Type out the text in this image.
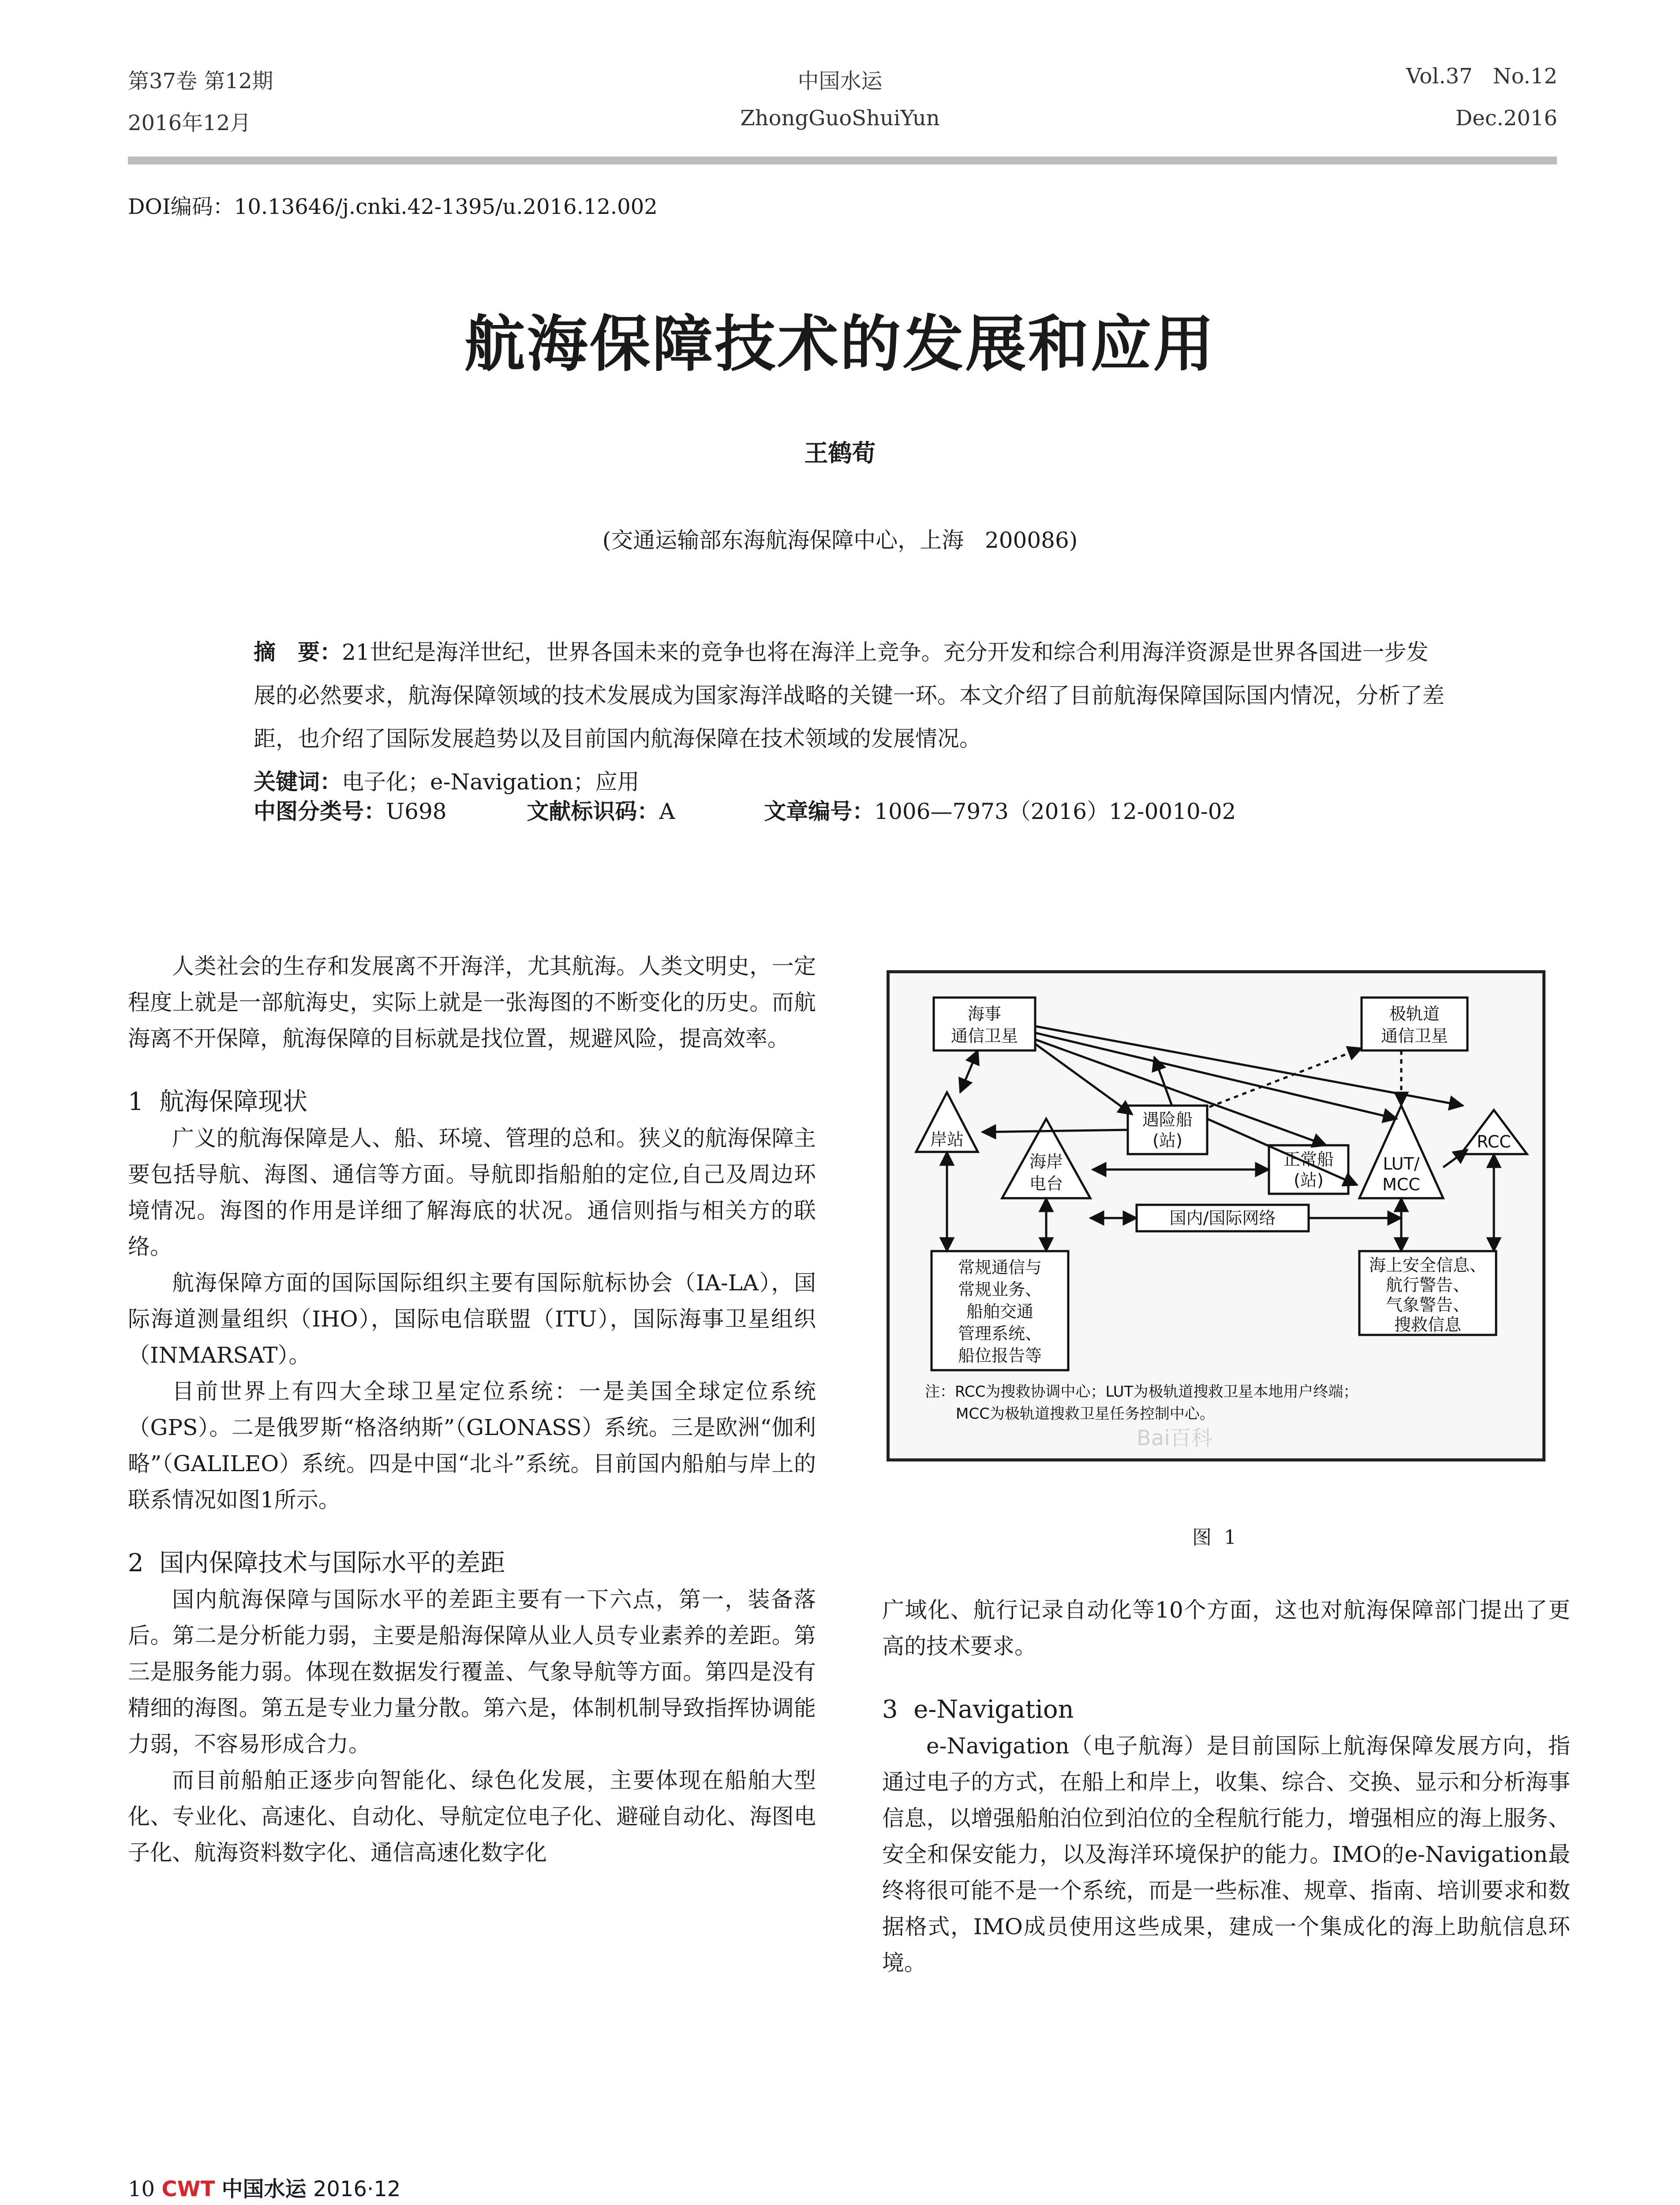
第37卷 第12期
2016年12月
中国水运
ZhongGuoShuiYun
Vol.37   No.12
Dec.2016
DOI编码：10.13646/j.cnki.42-1395/u.2016.12.002
航海保障技术的发展和应用
王鹤荀
(交通运输部东海航海保障中心，上海   200086)
摘　要：21世纪是海洋世纪，世界各国未来的竞争也将在海洋上竞争。充分开发和综合利用海洋资源是世界各国进一步发展的必然要求，航海保障领域的技术发展成为国家海洋战略的关键一环。本文介绍了目前航海保障国际国内情况，分析了差距，也介绍了国际发展趋势以及目前国内航海保障在技术领域的发展情况。
关键词：电子化；e-Navigation；应用
中图分类号：U698	文献标识码：A	文章编号：1006—7973（2016）12-0010-02

人类社会的生存和发展离不开海洋，尤其航海。人类文明史，一定程度上就是一部航海史，实际上就是一张海图的不断变化的历史。而航海离不开保障，航海保障的目标就是找位置，规避风险，提高效率。

1  航海保障现状

广义的航海保障是人、船、环境、管理的总和。狭义的航海保障主要包括导航、海图、通信等方面。导航即指船舶的定位,自己及周边环境情况。海图的作用是详细了解海底的状况。通信则指与相关方的联络。

航海保障方面的国际国际组织主要有国际航标协会（IA-LA），国际海道测量组织（IHO），国际电信联盟（ITU），国际海事卫星组织（INMARSAT）。

目前世界上有四大全球卫星定位系统：一是美国全球定位系统（GPS）。二是俄罗斯“格洛纳斯”（GLONASS）系统。三是欧洲“伽利略”（GALILEO）系统。四是中国“北斗”系统。目前国内船舶与岸上的联系情况如图1所示。

2  国内保障技术与国际水平的差距

国内航海保障与国际水平的差距主要有一下六点，第一，装备落后。第二是分析能力弱，主要是船海保障从业人员专业素养的差距。第三是服务能力弱。体现在数据发行覆盖、气象导航等方面。第四是没有精细的海图。第五是专业力量分散。第六是，体制机制导致指挥协调能力弱，不容易形成合力。

而目前船舶正逐步向智能化、绿色化发展，主要体现在船舶大型化、专业化、高速化、自动化、导航定位电子化、避碰自动化、海图电子化、航海资料数字化、通信高速化数字化

海事
通信卫星
极轨道
通信卫星
岸站
海岸
电台
遇险船
(站)
正常船
(站)
LUT/
MCC
RCC
国内/国际网络
常规通信与
常规业务、
船舶交通
管理系统、
船位报告等
海上安全信息、
航行警告、
气象警告、
搜救信息
注：RCC为搜救协调中心；LUT为极轨道搜救卫星本地用户终端；
MCC为极轨道搜救卫星任务控制中心。
Bai百科
图  1

广域化、航行记录自动化等10个方面，这也对航海保障部门提出了更高的技术要求。

3  e-Navigation

e-Navigation（电子航海）是目前国际上航海保障发展方向，指通过电子的方式，在船上和岸上，收集、综合、交换、显示和分析海事信息，以增强船舶泊位到泊位的全程航行能力，增强相应的海上服务、安全和保安能力，以及海洋环境保护的能力。IMO的e-Navigation最终将很可能不是一个系统，而是一些标准、规章、指南、培训要求和数据格式，IMO成员使用这些成果，建成一个集成化的海上助航信息环境。

10 CWT 中国水运 2016·12
